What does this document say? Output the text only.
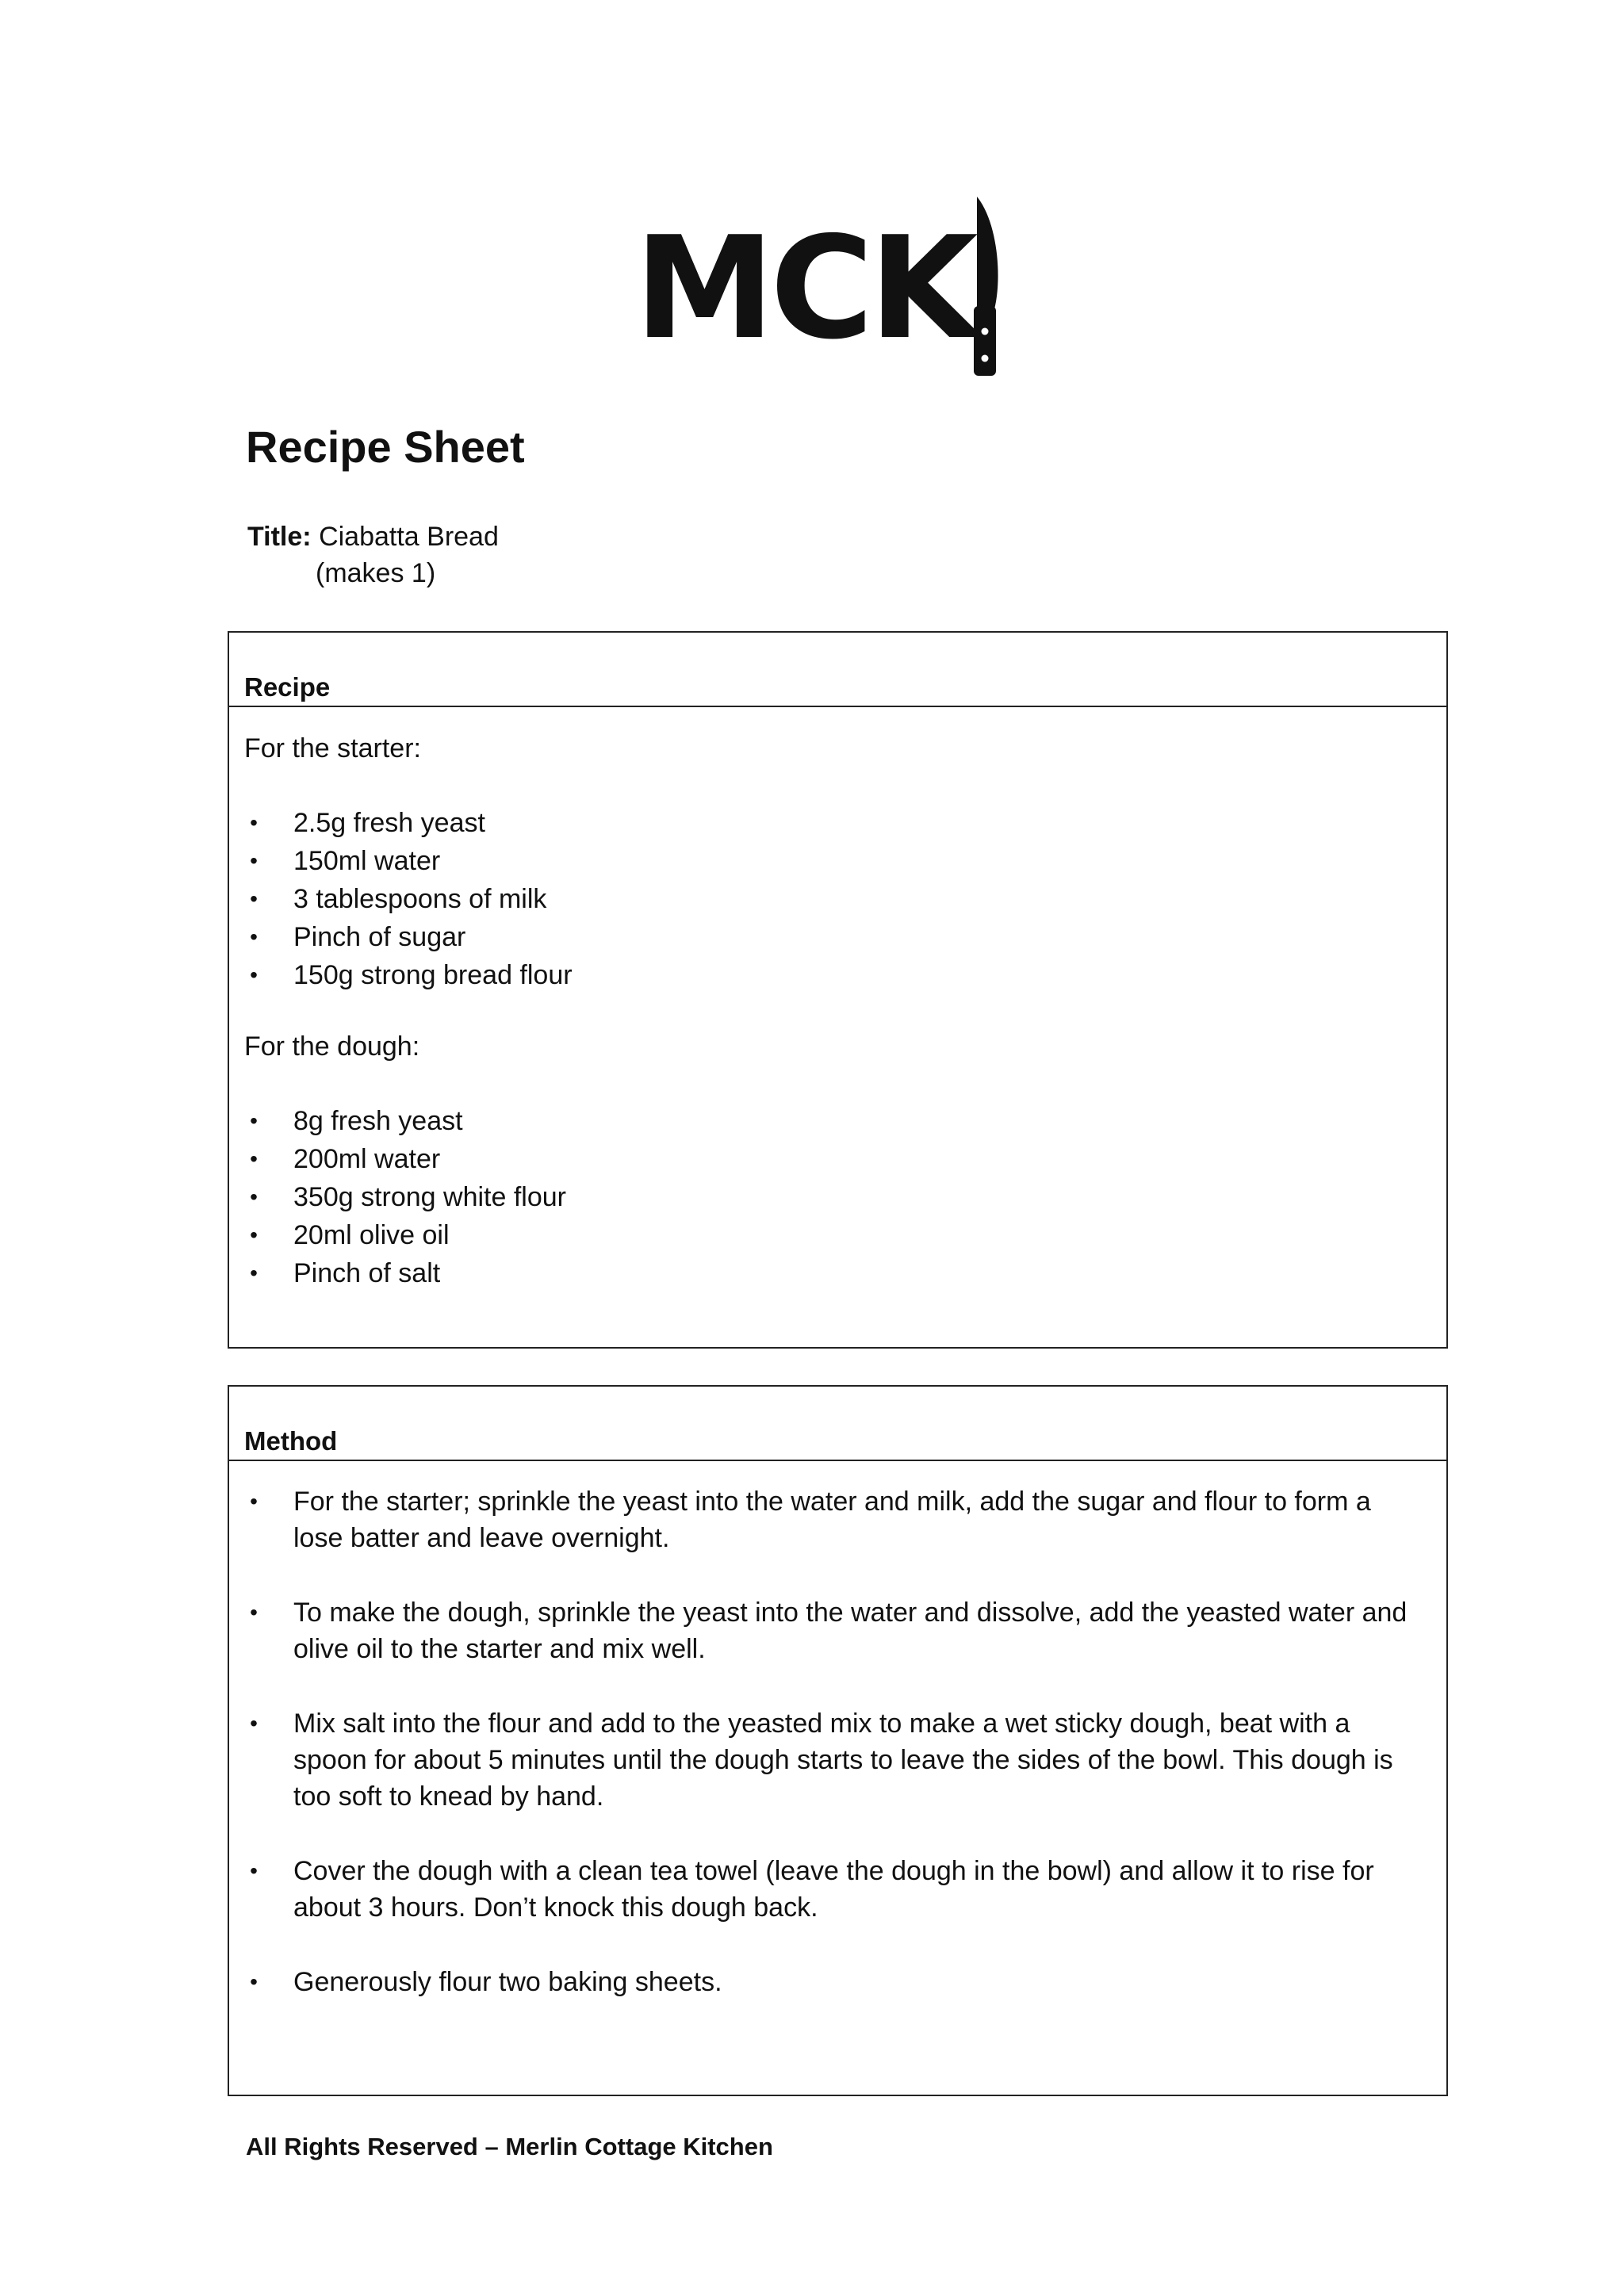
MCK
Recipe Sheet
Title: Ciabatta Bread
(makes 1)
Recipe
For the starter:
• 2.5g fresh yeast
• 150ml water
• 3 tablespoons of milk
• Pinch of sugar
• 150g strong bread flour
For the dough:
• 8g fresh yeast
• 200ml water
• 350g strong white flour
• 20ml olive oil
• Pinch of salt
Method
• For the starter; sprinkle the yeast into the water and milk, add the sugar and flour to form a lose batter and leave overnight.
• To make the dough, sprinkle the yeast into the water and dissolve, add the yeasted water and olive oil to the starter and mix well.
• Mix salt into the flour and add to the yeasted mix to make a wet sticky dough, beat with a spoon for about 5 minutes until the dough starts to leave the sides of the bowl. This dough is too soft to knead by hand.
• Cover the dough with a clean tea towel (leave the dough in the bowl) and allow it to rise for about 3 hours. Don’t knock this dough back.
• Generously flour two baking sheets.
All Rights Reserved – Merlin Cottage Kitchen
